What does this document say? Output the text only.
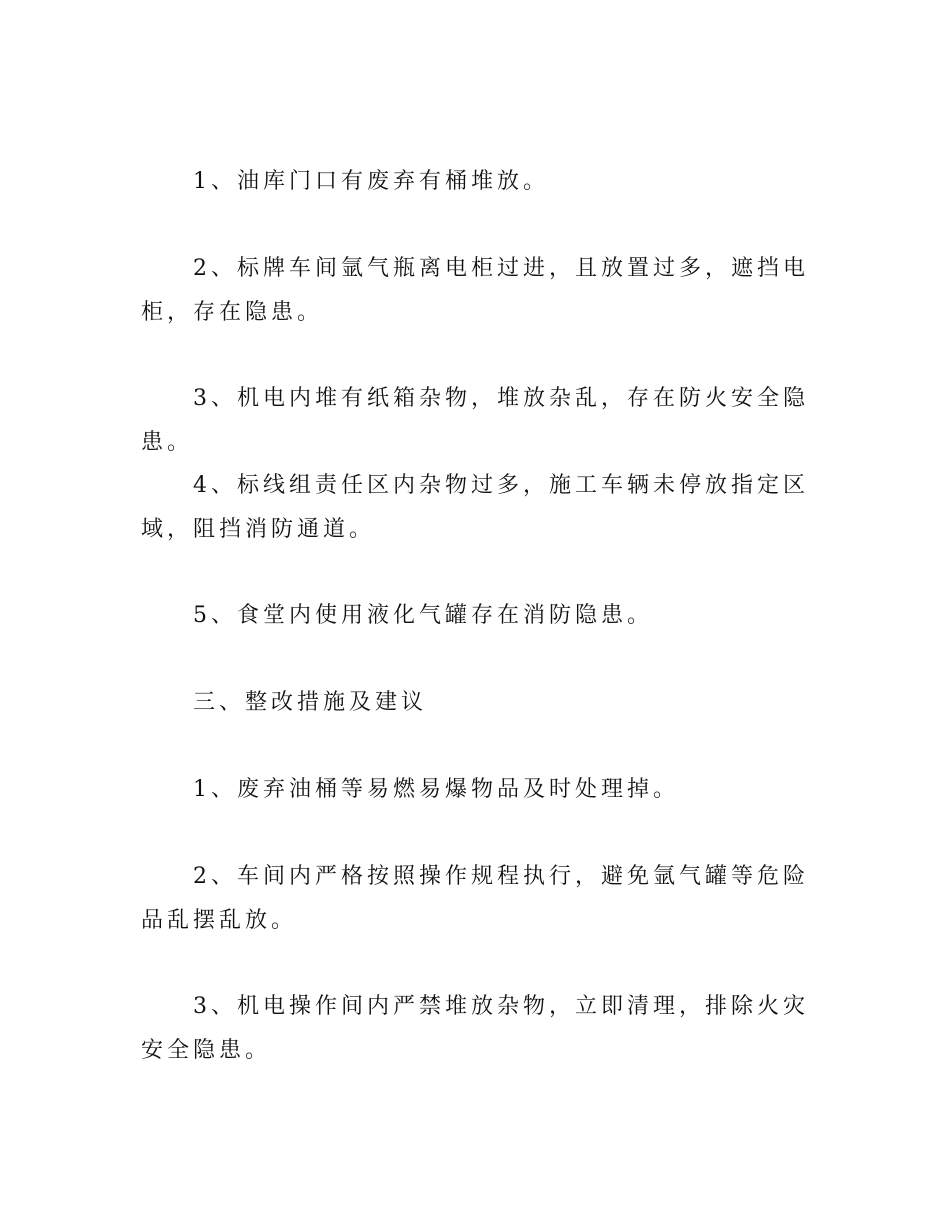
1、油库门口有废弃有桶堆放。

2、标牌车间氩气瓶离电柜过进，且放置过多，遮挡电柜，存在隐患。

3、机电内堆有纸箱杂物，堆放杂乱，存在防火安全隐患。

4、标线组责任区内杂物过多，施工车辆未停放指定区域，阻挡消防通道。

5、食堂内使用液化气罐存在消防隐患。

三、整改措施及建议

1、废弃油桶等易燃易爆物品及时处理掉。

2、车间内严格按照操作规程执行，避免氩气罐等危险品乱摆乱放。

3、机电操作间内严禁堆放杂物，立即清理，排除火灾安全隐患。
